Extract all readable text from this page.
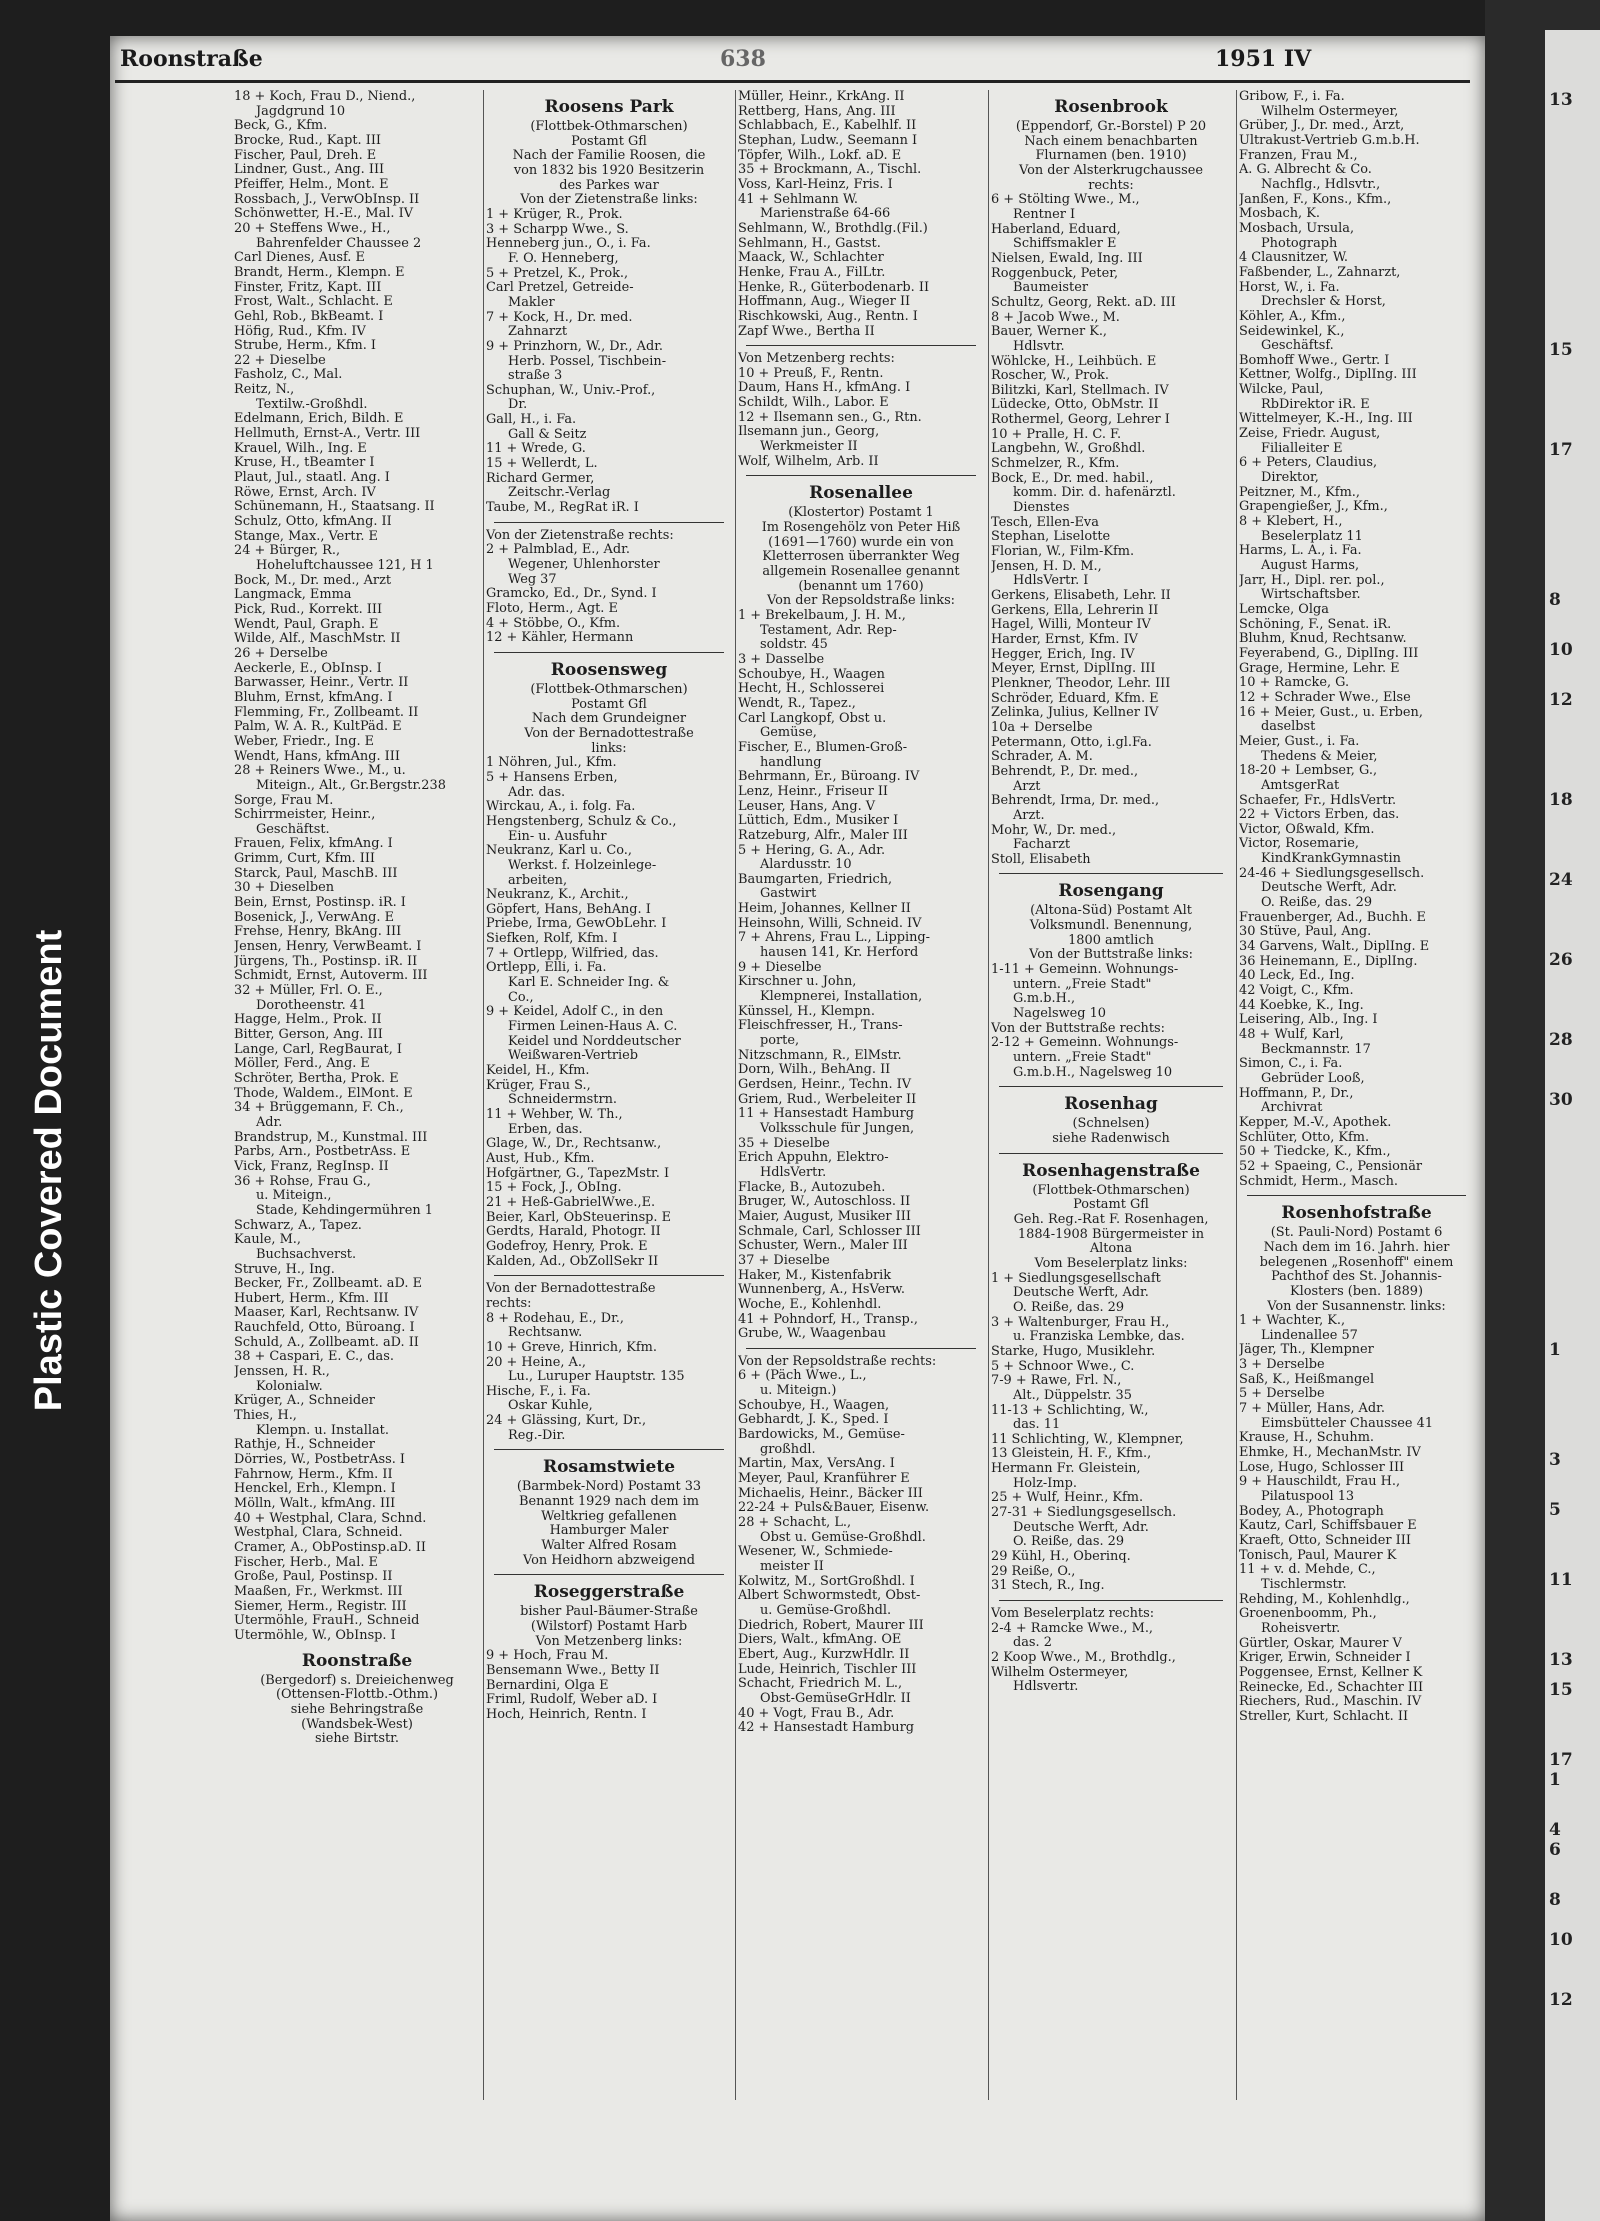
Plastic Covered Document
13
15
17
8
10
12
18
24
26
28
30
1
3
5
11
13
15
17
1
4
6
8
10
12
Roonstraße	638	1951 IV
18 + Koch, Frau D., Niend.,
Jagdgrund 10
Beck, G., Kfm.
Brocke, Rud., Kapt. III
Fischer, Paul, Dreh. E
Lindner, Gust., Ang. III
Pfeiffer, Helm., Mont. E
Rossbach, J., VerwObInsp. II
Schönwetter, H.-E., Mal. IV
20 + Steffens Wwe., H.,
Bahrenfelder Chaussee 2
Carl Dienes, Ausf. E
Brandt, Herm., Klempn. E
Finster, Fritz, Kapt. III
Frost, Walt., Schlacht. E
Gehl, Rob., BkBeamt. I
Höfig, Rud., Kfm. IV
Strube, Herm., Kfm. I
22 + Dieselbe
Fasholz, C., Mal.
Reitz, N.,
Textilw.-Großhdl.
Edelmann, Erich, Bildh. E
Hellmuth, Ernst-A., Vertr. III
Krauel, Wilh., Ing. E
Kruse, H., tBeamter I
Plaut, Jul., staatl. Ang. I
Röwe, Ernst, Arch. IV
Schünemann, H., Staatsang. II
Schulz, Otto, kfmAng. II
Stange, Max., Vertr. E
24 + Bürger, R.,
Hoheluftchaussee 121, H 1
Bock, M., Dr. med., Arzt
Langmack, Emma
Pick, Rud., Korrekt. III
Wendt, Paul, Graph. E
Wilde, Alf., MaschMstr. II
26 + Derselbe
Aeckerle, E., ObInsp. I
Barwasser, Heinr., Vertr. II
Bluhm, Ernst, kfmAng. I
Flemming, Fr., Zollbeamt. II
Palm, W. A. R., KultPäd. E
Weber, Friedr., Ing. E
Wendt, Hans, kfmAng. III
28 + Reiners Wwe., M., u.
Miteign., Alt., Gr.Bergstr.238
Sorge, Frau M.
Schirrmeister, Heinr.,
Geschäftst.
Frauen, Felix, kfmAng. I
Grimm, Curt, Kfm. III
Starck, Paul, MaschB. III
30 + Dieselben
Bein, Ernst, Postinsp. iR. I
Bosenick, J., VerwAng. E
Frehse, Henry, BkAng. III
Jensen, Henry, VerwBeamt. I
Jürgens, Th., Postinsp. iR. II
Schmidt, Ernst, Autoverm. III
32 + Müller, Frl. O. E.,
Dorotheenstr. 41
Hagge, Helm., Prok. II
Bitter, Gerson, Ang. III
Lange, Carl, RegBaurat, I
Möller, Ferd., Ang. E
Schröter, Bertha, Prok. E
Thode, Waldem., ElMont. E
34 + Brüggemann, F. Ch.,
Adr.
Brandstrup, M., Kunstmal. III
Parbs, Arn., PostbetrAss. E
Vick, Franz, RegInsp. II
36 + Rohse, Frau G.,
u. Miteign.,
Stade, Kehdingermühren 1
Schwarz, A., Tapez.
Kaule, M.,
Buchsachverst.
Struve, H., Ing.
Becker, Fr., Zollbeamt. aD. E
Hubert, Herm., Kfm. III
Maaser, Karl, Rechtsanw. IV
Rauchfeld, Otto, Büroang. I
Schuld, A., Zollbeamt. aD. II
38 + Caspari, E. C., das.
Jenssen, H. R.,
Kolonialw.
Krüger, A., Schneider
Thies, H.,
Klempn. u. Installat.
Rathje, H., Schneider
Dörries, W., PostbetrAss. I
Fahrnow, Herm., Kfm. II
Henckel, Erh., Klempn. I
Mölln, Walt., kfmAng. III
40 + Westphal, Clara, Schnd.
Westphal, Clara, Schneid.
Cramer, A., ObPostinsp.aD. II
Fischer, Herb., Mal. E
Große, Paul, Postinsp. II
Maaßen, Fr., Werkmst. III
Siemer, Herm., Registr. III
Utermöhle, FrauH., Schneid
Utermöhle, W., ObInsp. I
Roonstraße
(Bergedorf) s. Dreieichenweg
(Ottensen-Flottb.-Othm.)
siehe Behringstraße
(Wandsbek-West)
siehe Birtstr.
Roosens Park
(Flottbek-Othmarschen)
Postamt Gfl
Nach der Familie Roosen, die
von 1832 bis 1920 Besitzerin
des Parkes war
Von der Zietenstraße links:
1 + Krüger, R., Prok.
3 + Scharpp Wwe., S.
Henneberg jun., O., i. Fa.
F. O. Henneberg,
5 + Pretzel, K., Prok.,
Carl Pretzel, Getreide-
Makler
7 + Kock, H., Dr. med.
Zahnarzt
9 + Prinzhorn, W., Dr., Adr.
Herb. Possel, Tischbein-
straße 3
Schuphan, W., Univ.-Prof.,
Dr.
Gall, H., i. Fa.
Gall & Seitz
11 + Wrede, G.
15 + Wellerdt, L.
Richard Germer,
Zeitschr.-Verlag
Taube, M., RegRat iR. I
Von der Zietenstraße rechts:
2 + Palmblad, E., Adr.
Wegener, Uhlenhorster
Weg 37
Gramcko, Ed., Dr., Synd. I
Floto, Herm., Agt. E
4 + Stöbbe, O., Kfm.
12 + Kähler, Hermann
Roosensweg
(Flottbek-Othmarschen)
Postamt Gfl
Nach dem Grundeigner
Von der Bernadottestraße
links:
1 Nöhren, Jul., Kfm.
5 + Hansens Erben,
Adr. das.
Wirckau, A., i. folg. Fa.
Hengstenberg, Schulz & Co.,
Ein- u. Ausfuhr
Neukranz, Karl u. Co.,
Werkst. f. Holzeinlege-
arbeiten,
Neukranz, K., Archit.,
Göpfert, Hans, BehAng. I
Priebe, Irma, GewObLehr. I
Siefken, Rolf, Kfm. I
7 + Ortlepp, Wilfried, das.
Ortlepp, Elli, i. Fa.
Karl E. Schneider Ing. &
Co.,
9 + Keidel, Adolf C., in den
Firmen Leinen-Haus A. C.
Keidel und Norddeutscher
Weißwaren-Vertrieb
Keidel, H., Kfm.
Krüger, Frau S.,
Schneidermstrn.
11 + Wehber, W. Th.,
Erben, das.
Glage, W., Dr., Rechtsanw.,
Aust, Hub., Kfm.
Hofgärtner, G., TapezMstr. I
15 + Fock, J., ObIng.
21 + Heß-GabrielWwe.,E.
Beier, Karl, ObSteuerinsp. E
Gerdts, Harald, Photogr. II
Godefroy, Henry, Prok. E
Kalden, Ad., ObZollSekr II
Von der Bernadottestraße
rechts:
8 + Rodehau, E., Dr.,
Rechtsanw.
10 + Greve, Hinrich, Kfm.
20 + Heine, A.,
Lu., Luruper Hauptstr. 135
Hische, F., i. Fa.
Oskar Kuhle,
24 + Glässing, Kurt, Dr.,
Reg.-Dir.
Rosamstwiete
(Barmbek-Nord) Postamt 33
Benannt 1929 nach dem im
Weltkrieg gefallenen
Hamburger Maler
Walter Alfred Rosam
Von Heidhorn abzweigend
Roseggerstraße
bisher Paul-Bäumer-Straße
(Wilstorf) Postamt Harb
Von Metzenberg links:
9 + Hoch, Frau M.
Bensemann Wwe., Betty II
Bernardini, Olga E
Friml, Rudolf, Weber aD. I
Hoch, Heinrich, Rentn. I
Müller, Heinr., KrkAng. II
Rettberg, Hans, Ang. III
Schlabbach, E., Kabelhlf. II
Stephan, Ludw., Seemann I
Töpfer, Wilh., Lokf. aD. E
35 + Brockmann, A., Tischl.
Voss, Karl-Heinz, Fris. I
41 + Sehlmann W.
Marienstraße 64-66
Sehlmann, W., Brothdlg.(Fil.)
Sehlmann, H., Gastst.
Maack, W., Schlachter
Henke, Frau A., FilLtr.
Henke, R., Güterbodenarb. II
Hoffmann, Aug., Wieger II
Rischkowski, Aug., Rentn. I
Zapf Wwe., Bertha II
Von Metzenberg rechts:
10 + Preuß, F., Rentn.
Daum, Hans H., kfmAng. I
Schildt, Wilh., Labor. E
12 + Ilsemann sen., G., Rtn.
Ilsemann jun., Georg,
Werkmeister II
Wolf, Wilhelm, Arb. II
Rosenallee
(Klostertor) Postamt 1
Im Rosengehölz von Peter Hiß
(1691—1760) wurde ein von
Kletterrosen überrankter Weg
allgemein Rosenallee genannt
(benannt um 1760)
Von der Repsoldstraße links:
1 + Brekelbaum, J. H. M.,
Testament, Adr. Rep-
soldstr. 45
3 + Dasselbe
Schoubye, H., Waagen
Hecht, H., Schlosserei
Wendt, R., Tapez.,
Carl Langkopf, Obst u.
Gemüse,
Fischer, E., Blumen-Groß-
handlung
Behrmann, Er., Büroang. IV
Lenz, Heinr., Friseur II
Leuser, Hans, Ang. V
Lüttich, Edm., Musiker I
Ratzeburg, Alfr., Maler III
5 + Hering, G. A., Adr.
Alardusstr. 10
Baumgarten, Friedrich,
Gastwirt
Heim, Johannes, Kellner II
Heinsohn, Willi, Schneid. IV
7 + Ahrens, Frau L., Lipping-
hausen 141, Kr. Herford
9 + Dieselbe
Kirschner u. John,
Klempnerei, Installation,
Künssel, H., Klempn.
Fleischfresser, H., Trans-
porte,
Nitzschmann, R., ElMstr.
Dorn, Wilh., BehAng. II
Gerdsen, Heinr., Techn. IV
Griem, Rud., Werbeleiter II
11 + Hansestadt Hamburg
Volksschule für Jungen,
35 + Dieselbe
Erich Appuhn, Elektro-
HdlsVertr.
Flacke, B., Autozubeh.
Bruger, W., Autoschloss. II
Maier, August, Musiker III
Schmale, Carl, Schlosser III
Schuster, Wern., Maler III
37 + Dieselbe
Haker, M., Kistenfabrik
Wunnenberg, A., HsVerw.
Woche, E., Kohlenhdl.
41 + Pohndorf, H., Transp.,
Grube, W., Waagenbau
Von der Repsoldstraße rechts:
6 + (Päch Wwe., L.,
u. Miteign.)
Schoubye, H., Waagen,
Gebhardt, J. K., Sped. I
Bardowicks, M., Gemüse-
großhdl.
Martin, Max, VersAng. I
Meyer, Paul, Kranführer E
Michaelis, Heinr., Bäcker III
22-24 + Puls&Bauer, Eisenw.
28 + Schacht, L.,
Obst u. Gemüse-Großhdl.
Wesener, W., Schmiede-
meister II
Kolwitz, M., SortGroßhdl. I
Albert Schwormstedt, Obst-
u. Gemüse-Großhdl.
Diedrich, Robert, Maurer III
Diers, Walt., kfmAng. OE
Ebert, Aug., KurzwHdlr. II
Lude, Heinrich, Tischler III
Schacht, Friedrich M. L.,
Obst-GemüseGrHdlr. II
40 + Vogt, Frau B., Adr.
42 + Hansestadt Hamburg
Rosenbrook
(Eppendorf, Gr.-Borstel) P 20
Nach einem benachbarten
Flurnamen (ben. 1910)
Von der Alsterkrugchaussee
rechts:
6 + Stölting Wwe., M.,
Rentner I
Haberland, Eduard,
Schiffsmakler E
Nielsen, Ewald, Ing. III
Roggenbuck, Peter,
Baumeister
Schultz, Georg, Rekt. aD. III
8 + Jacob Wwe., M.
Bauer, Werner K.,
Hdlsvtr.
Wöhlcke, H., Leihbüch. E
Roscher, W., Prok.
Bilitzki, Karl, Stellmach. IV
Lüdecke, Otto, ObMstr. II
Rothermel, Georg, Lehrer I
10 + Pralle, H. C. F.
Langbehn, W., Großhdl.
Schmelzer, R., Kfm.
Bock, E., Dr. med. habil.,
komm. Dir. d. hafenärztl.
Dienstes
Tesch, Ellen-Eva
Stephan, Liselotte
Florian, W., Film-Kfm.
Jensen, H. D. M.,
HdlsVertr. I
Gerkens, Elisabeth, Lehr. II
Gerkens, Ella, Lehrerin II
Hagel, Willi, Monteur IV
Harder, Ernst, Kfm. IV
Hegger, Erich, Ing. IV
Meyer, Ernst, DiplIng. III
Plenkner, Theodor, Lehr. III
Schröder, Eduard, Kfm. E
Zelinka, Julius, Kellner IV
10a + Derselbe
Petermann, Otto, i.gl.Fa.
Schrader, A. M.
Behrendt, P., Dr. med.,
Arzt
Behrendt, Irma, Dr. med.,
Arzt.
Mohr, W., Dr. med.,
Facharzt
Stoll, Elisabeth
Rosengang
(Altona-Süd) Postamt Alt
Volksmundl. Benennung,
1800 amtlich
Von der Buttstraße links:
1-11 + Gemeinn. Wohnungs-
untern. „Freie Stadt"
G.m.b.H.,
Nagelsweg 10
Von der Buttstraße rechts:
2-12 + Gemeinn. Wohnungs-
untern. „Freie Stadt"
G.m.b.H., Nagelsweg 10
Rosenhag
(Schnelsen)
siehe Radenwisch
Rosenhagenstraße
(Flottbek-Othmarschen)
Postamt Gfl
Geh. Reg.-Rat F. Rosenhagen,
1884-1908 Bürgermeister in
Altona
Vom Beselerplatz links:
1 + Siedlungsgesellschaft
Deutsche Werft, Adr.
O. Reiße, das. 29
3 + Waltenburger, Frau H.,
u. Franziska Lembke, das.
Starke, Hugo, Musiklehr.
5 + Schnoor Wwe., C.
7-9 + Rawe, Frl. N.,
Alt., Düppelstr. 35
11-13 + Schlichting, W.,
das. 11
11 Schlichting, W., Klempner,
13 Gleistein, H. F., Kfm.,
Hermann Fr. Gleistein,
Holz-Imp.
25 + Wulf, Heinr., Kfm.
27-31 + Siedlungsgesellsch.
Deutsche Werft, Adr.
O. Reiße, das. 29
29 Kühl, H., Oberinq.
29 Reiße, O.,
31 Stech, R., Ing.
Vom Beselerplatz rechts:
2-4 + Ramcke Wwe., M.,
das. 2
2 Koop Wwe., M., Brothdlg.,
Wilhelm Ostermeyer,
Hdlsvertr.
Gribow, F., i. Fa.
Wilhelm Ostermeyer,
Grüber, J., Dr. med., Arzt,
Ultrakust-Vertrieb G.m.b.H.
Franzen, Frau M.,
A. G. Albrecht & Co.
Nachflg., Hdlsvtr.,
Janßen, F., Kons., Kfm.,
Mosbach, K.
Mosbach, Ursula,
Photograph
4 Clausnitzer, W.
Faßbender, L., Zahnarzt,
Horst, W., i. Fa.
Drechsler & Horst,
Köhler, A., Kfm.,
Seidewinkel, K.,
Geschäftsf.
Bomhoff Wwe., Gertr. I
Kettner, Wolfg., DiplIng. III
Wilcke, Paul,
RbDirektor iR. E
Wittelmeyer, K.-H., Ing. III
Zeise, Friedr. August,
Filialleiter E
6 + Peters, Claudius,
Direktor,
Peitzner, M., Kfm.,
Grapengießer, J., Kfm.,
8 + Klebert, H.,
Beselerplatz 11
Harms, L. A., i. Fa.
August Harms,
Jarr, H., Dipl. rer. pol.,
Wirtschaftsber.
Lemcke, Olga
Schöning, F., Senat. iR.
Bluhm, Knud, Rechtsanw.
Feyerabend, G., DiplIng. III
Grage, Hermine, Lehr. E
10 + Ramcke, G.
12 + Schrader Wwe., Else
16 + Meier, Gust., u. Erben,
daselbst
Meier, Gust., i. Fa.
Thedens & Meier,
18-20 + Lembser, G.,
AmtsgerRat
Schaefer, Fr., HdlsVertr.
22 + Victors Erben, das.
Victor, Oßwald, Kfm.
Victor, Rosemarie,
KindKrankGymnastin
24-46 + Siedlungsgesellsch.
Deutsche Werft, Adr.
O. Reiße, das. 29
Frauenberger, Ad., Buchh. E
30 Stüve, Paul, Ang.
34 Garvens, Walt., DiplIng. E
36 Heinemann, E., DiplIng.
40 Leck, Ed., Ing.
42 Voigt, C., Kfm.
44 Koebke, K., Ing.
Leisering, Alb., Ing. I
48 + Wulf, Karl,
Beckmannstr. 17
Simon, C., i. Fa.
Gebrüder Looß,
Hoffmann, P., Dr.,
Archivrat
Kepper, M.-V., Apothek.
Schlüter, Otto, Kfm.
50 + Tiedcke, K., Kfm.,
52 + Spaeing, C., Pensionär
Schmidt, Herm., Masch.
Rosenhofstraße
(St. Pauli-Nord) Postamt 6
Nach dem im 16. Jahrh. hier
belegenen „Rosenhoff" einem
Pachthof des St. Johannis-
Klosters (ben. 1889)
Von der Susannenstr. links:
1 + Wachter, K.,
Lindenallee 57
Jäger, Th., Klempner
3 + Derselbe
Saß, K., Heißmangel
5 + Derselbe
7 + Müller, Hans, Adr.
Eimsbütteler Chaussee 41
Krause, H., Schuhm.
Ehmke, H., MechanMstr. IV
Lose, Hugo, Schlosser III
9 + Hauschildt, Frau H.,
Pilatuspool 13
Bodey, A., Photograph
Kautz, Carl, Schiffsbauer E
Kraeft, Otto, Schneider III
Tonisch, Paul, Maurer K
11 + v. d. Mehde, C.,
Tischlermstr.
Rehding, M., Kohlenhdlg.,
Groenenboomm, Ph.,
Roheisvertr.
Gürtler, Oskar, Maurer V
Kriger, Erwin, Schneider I
Poggensee, Ernst, Kellner K
Reinecke, Ed., Schachter III
Riechers, Rud., Maschin. IV
Streller, Kurt, Schlacht. II
